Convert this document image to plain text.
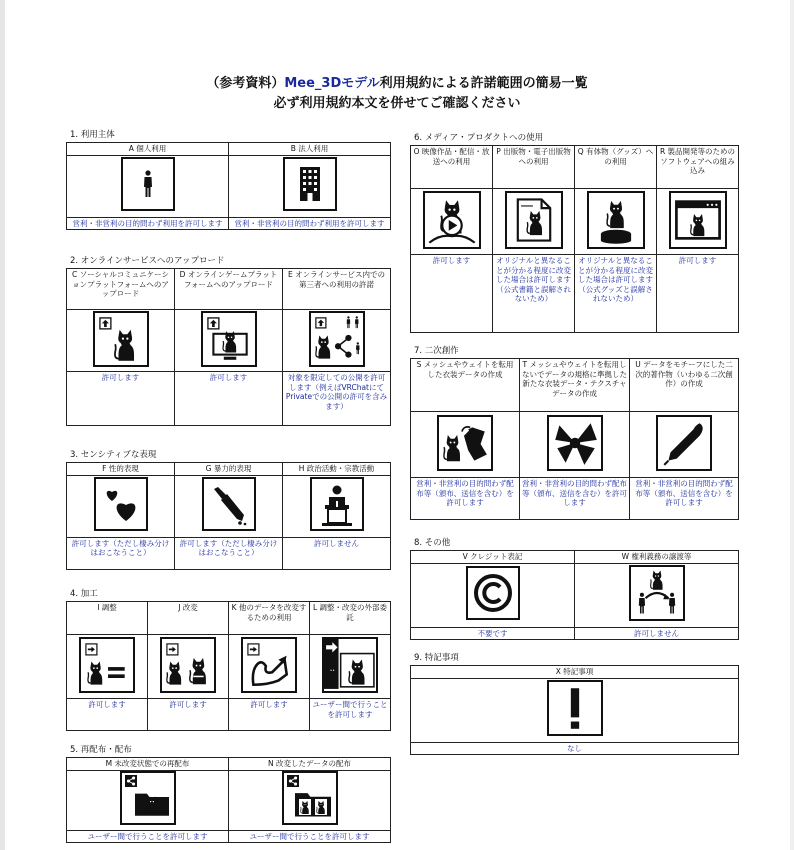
（参考資料）Mee_3Dモデル利用規約による許諾範囲の簡易一覧
必ず利用規約本文を併せてご確認ください
1. 利用主体
A 個人利用	B 法人利用

営利・非営利の目的問わず利用を許可します	営利・非営利の目的問わず利用を許可します
2. オンラインサービスへのアップロード
C ソーシャルコミュニケーションプラットフォームへのアップロード	D オンラインゲームプラットフォームへのアップロード	E オンラインサービス内での第三者への利用の許諾

許可します	許可します	対象を限定しての公開を許可します（例えばVRChatにてPrivateでの公開の許可を含みます）
3. センシティブな表現
F 性的表現	G 暴力的表現	H 政治活動・宗教活動

許可します（ただし棲み分けはおこなうこと）	許可します（ただし棲み分けはおこなうこと）	許可しません
4. 加工
I 調整	J 改変	K 他のデータを改変するための利用	L 調整・改変の外部委託

許可します	許可します	許可します	ユーザー間で行うことを許可します
5. 再配布・配布
M 未改変状態での再配布	N 改変したデータの配布

ユーザー間で行うことを許可します	ユーザー間で行うことを許可します
6. メディア・プロダクトへの使用
O 映像作品・配信・放送への利用	P 出版物・電子出版物への利用	Q 有体物（グッズ）への利用	R 製品開発等のためのソフトウェアへの組み込み

許可します	オリジナルと異なることが分かる程度に改変した場合は許可します（公式書籍と誤解されないため）	オリジナルと異なることが分かる程度に改変した場合は許可します（公式グッズと誤解されないため）	許可します
7. 二次創作
S メッシュやウェイトを転用した衣装データの作成	T メッシュやウェイトを転用しないでデータの規格に準拠した新たな衣装データ・テクスチャデータの作成	U データをモチーフにした二次的著作物（いわゆる二次創作）の作成

営利・非営利の目的問わず配布等（頒布、送信を含む）を許可します	営利・非営利の目的問わず配布等（頒布、送信を含む）を許可します	営利・非営利の目的問わず配布等（頒布、送信を含む）を許可します
8. その他
V クレジット表記	W 権利義務の譲渡等

不要です	許可しません
9. 特記事項
X 特記事項

なし
